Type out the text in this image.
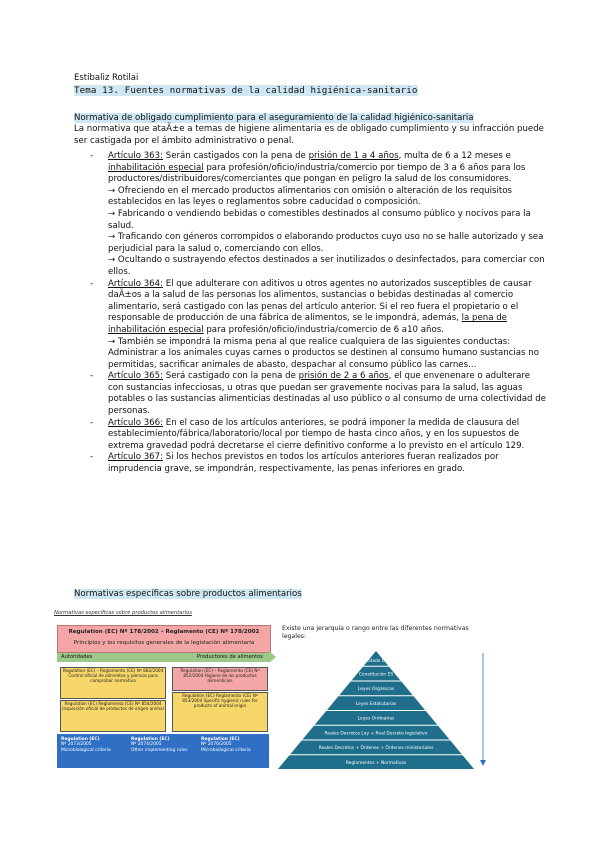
Estibaliz Rotilai
Tema 13. Fuentes normativas de la calidad higiénica-sanitario
Normativa de obligado cumplimiento para el aseguramiento de la calidad higiénico-sanitaria
La normativa que ataÃ±e a temas de higiene alimentaria es de obligado cumplimiento y su infracción puede ser castigada por el ámbito administrativo o penal.
- Artículo 363: Serán castigados con la pena de prisión de 1 a 4 años, multa de 6 a 12 meses e inhabilitación especial para profesión/oficio/industria/comercio por tiempo de 3 a 6 años para los productores/distribuidores/comerciantes que pongan en peligro la salud de los consumidores.
→ Ofreciendo en el mercado productos alimentarios con omisión o alteración de los requisitos establecidos en las leyes o reglamentos sobre caducidad o composición.
→ Fabricando o vendiendo bebidas o comestibles destinados al consumo público y nocivos para la salud.
→ Traficando con géneros corrompidos o elaborando productos cuyo uso no se halle autorizado y sea perjudicial para la salud o, comerciando con ellos.
→ Ocultando o sustrayendo efectos destinados a ser inutilizados o desinfectados, para comerciar con ellos.
- Artículo 364: El que adulterare con aditivos u otros agentes no autorizados susceptibles de causar daÃ±os a la salud de las personas los alimentos, sustancias o bebidas destinadas al comercio alimentario, será castigado con las penas del artículo anterior. Si el reo fuera el propietario o el responsable de producción de una fábrica de alimentos, se le impondrá, además, la pena de inhabilitación especial para profesión/oficio/industria/comercio de 6 a10 años.
→ También se impondrá la misma pena al que realice cualquiera de las siguientes conductas: Administrar a los animales cuyas carnes o productos se destinen al consumo humano sustancias no permitidas, sacrificar animales de abasto, despachar al consumo público las carnes…
- Artículo 365: Será castigado con la pena de prisión de 2 a 6 años, el que envenenare o adulterare con sustancias infecciosas, u otras que puedan ser gravemente nocivas para la salud, las aguas potables o las sustancias alimenticias destinadas al uso público o al consumo de urna colectividad de personas.
- Artículo 366: En el caso de los artículos anteriores, se podrá imponer la medida de clausura del establecimiento/fábrica/laboratorio/local por tiempo de hasta cinco años, y en los supuestos de extrema gravedad podrá decretarse el cierre definitivo conforme a lo previsto en el artículo 129.
- Artículo 367: Si los hechos previstos en todos los artículos anteriores fueran realizados por imprudencia grave, se impondrán, respectivamente, las penas inferiores en grado.
Normativas específicas sobre productos alimentarios
Normativas específicas sobre productos alimentarios
Regulation (EC) Nº 178/2002 – Reglamento (CE) Nº 178/2002
Principios y los requisitos generales de la legislación alimentaria
Autoridades	Productores de alimentos
Regulation (EC) – Reglamento (CE) Nº 882/2004 Control oficial de alimentos y piensos para comprobar normativa
Regulation (EC) – Reglamento (CE) Nº 852/2004 Higiene de los productos alimenticios
Regulation (EC) Reglamento (CE) Nº 854/2004 Inspección oficial de productos de origen animal
Regulation (EC) Reglamento (CE) Nº 853/2004 Specific hygienic rules for products of animal origin
Regulation (EC)
Nº 2073/2005
Microbiological criteria
Regulation (EC)
Nº 2074/2005
Other implementing rules
Regulation (EC)
Nº 2076/2005
Microbiological criteria
Existe una jerarquía o rango entre las diferentes normativas legales:
Tratado UE
Constitución ES
Leyes Orgánicas
Leyes Estatutarias
Leyes Ordinarias
Reales Decretos Ley + Real Decreto legislativo
Reales Decretos + Órdenes + Órdenes ministeriales
Reglamentos + Normativas
